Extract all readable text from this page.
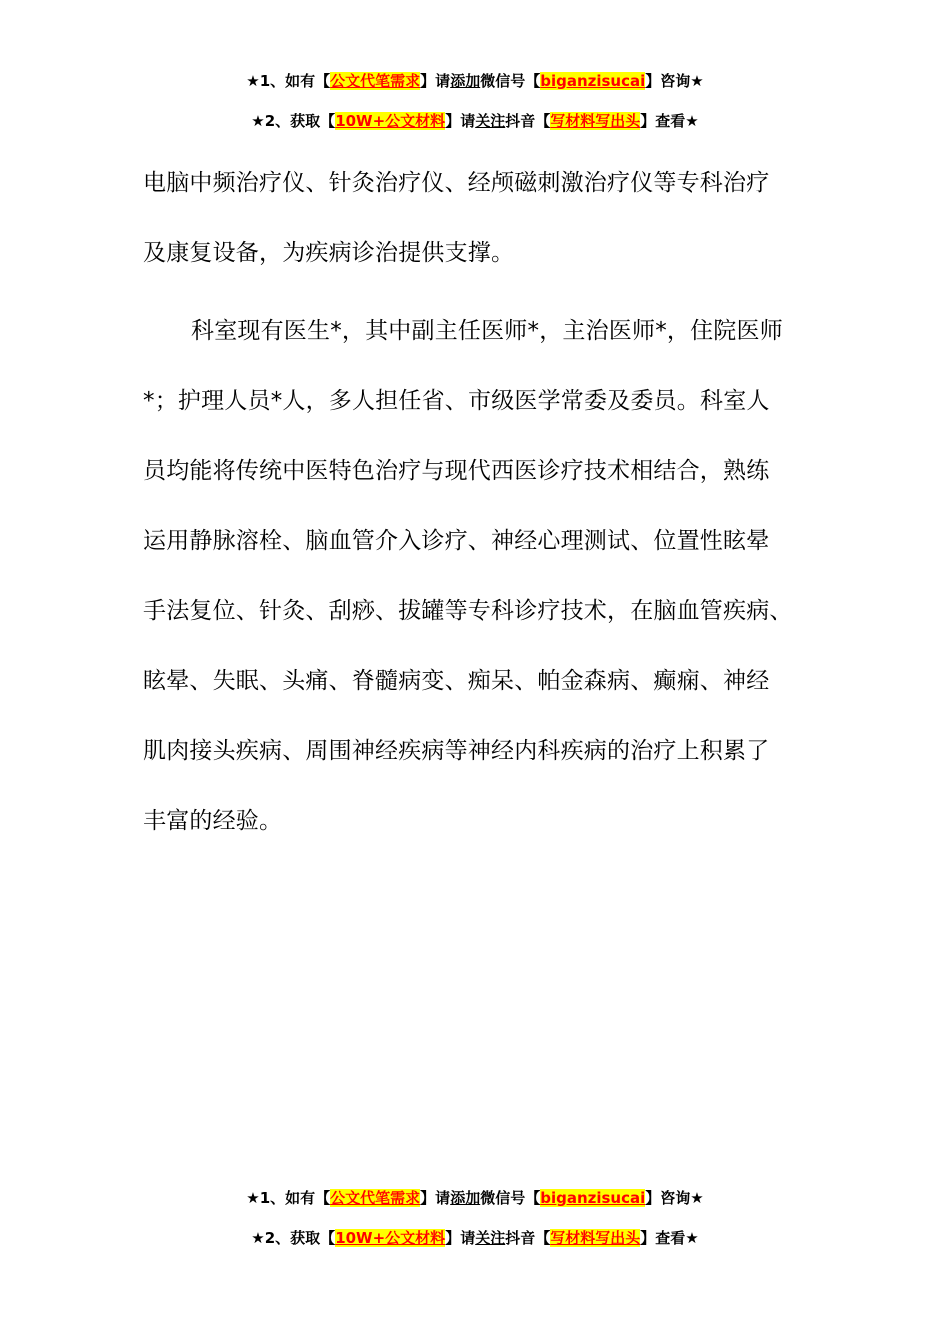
★1、如有【公文代笔需求】请添加微信号【biganzisucai】咨询★
★2、获取【10W+公文材料】请关注抖音【写材料写出头】查看★
电脑中频治疗仪、针灸治疗仪、经颅磁刺激治疗仪等专科治疗
及康复设备，为疾病诊治提供支撑。
科室现有医生*，其中副主任医师*，主治医师*，住院医师
*；护理人员*人，多人担任省、市级医学常委及委员。科室人
员均能将传统中医特色治疗与现代西医诊疗技术相结合，熟练
运用静脉溶栓、脑血管介入诊疗、神经心理测试、位置性眩晕
手法复位、针灸、刮痧、拔罐等专科诊疗技术，在脑血管疾病、
眩晕、失眠、头痛、脊髓病变、痴呆、帕金森病、癫痫、神经
肌肉接头疾病、周围神经疾病等神经内科疾病的治疗上积累了
丰富的经验。
★1、如有【公文代笔需求】请添加微信号【biganzisucai】咨询★
★2、获取【10W+公文材料】请关注抖音【写材料写出头】查看★
